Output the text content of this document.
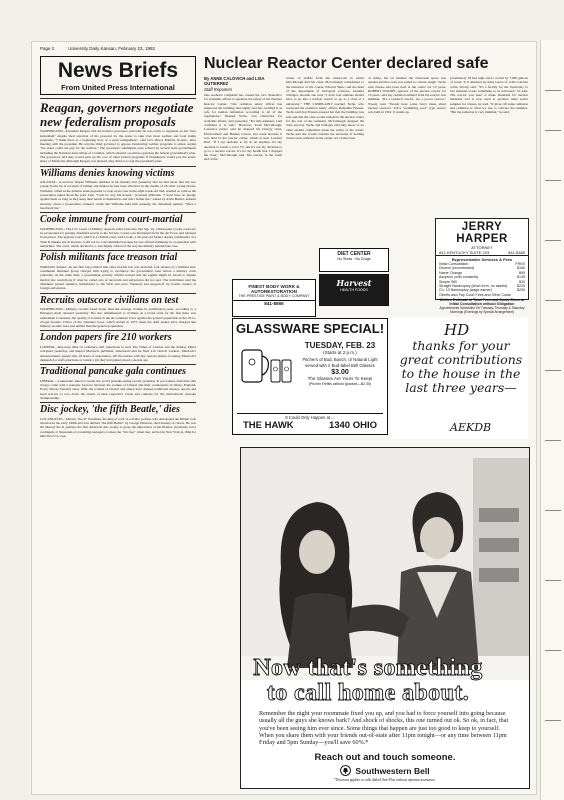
Page 2	University Daily Kansan, February 23, 1982
News Briefs
From United Press International
Reagan, governors negotiate new federalism proposals

WASHINGTON—President Reagan told the nation's governors yesterday he was ready to negotiate on his "new federalism" despite their rejection of his proposal for the states to take over most welfare and food stamp programs. "I think there is a beginning here of a great realignment," said Gov. Bruce Babbitt, D-Ariz., after meeting with the president. He was the chief governor to oppose transferring welfare programs to states, saying "the states could not pay for the welfare." The governors' sentiments were echoed by several state governments including the National Association of Counties, which adopted a position opposing the federal government's plan. The governors said they would pick up the cost of other federal programs if Washington would pay the states' share of Medicaid. Although Reagan was pleased, they did not accept the president's plan.

Williams denies knowing victims

ATLANTA—A nervous Wayne Williams testified at his murder trial yesterday that he had never met the two young blacks he is accused of killing and denied he had been involved in the deaths of 26 other young blacks. Williams, called as the defense team prepared to wrap up its case in the eight-week-old trial, seemed as calm as the prosecution asked about his prior trips. "Can't no way I'm honest," protested Williams. "I don't have no grudge against them as long as they keep their hands to themselves and don't bother me." Asked by Alvin Binder, defense attorney, about a prosecution witness's claim that Williams held him sexually, the defendant replied, "She's a barefaced liar."

Cooke immune from court-martial

WASHINGTON—The U.S. Court of Military Appeals ruled yesterday that Sgt. 1st. Christopher Cooke could not be prosecuted for passing classified secrets to the Soviets. Cooke was discharged from the Air Force and released from prison. The appeals court, which is a civilian court, said Cooke, a 26-year-old former deputy commander of a Titan II missile site in Kansas, could not be court-martialed because he was offered immunity in cooperation with authorities. The court, which decided 2-1, was highly critical of the way the military handled the case.

Polish militants face treason trial

WARSAW, Poland—In the first big political trial since martial law was declared, four leaders of a militant anti-communist dissident group charged with trying to overthrow the government went before a military court yesterday. At the same time, a government security official warned that the regime might be forced to tighten martial law restrictions if what he called acts of terrorism and subversion did not end. The indictment said the dissidents passed sensitive information to the West and were "financed and supported" by hostile centers of foreign subversion.

Recruits outscore civilians on test

WASHINGTON—Military recruits fared better than the average civilian in qualification tests, according to a Pentagon study released yesterday. The test, administered to civilians on a broad scale for the first time, was undertaken to measure the quality of recruits in the all-volunteer force against the general population in the 18-to-23-age bracket. Critics of the volunteer force, which started in 1973 when the draft ended, have charged that military recruits were less skilled than the general population.

London papers fire 210 workers

LONDON—Day-long talks on voluntary staff reductions to save The Times of London and the Sunday Times collapsed yesterday, and Rupert Murdoch, publisher, announced that he fired 210 clerical workers. Murdoch's announcement, issued after 18 hours of negotiation, left the unions with few options beside accepting Murdoch's demands for staff reductions or losing a job they had gained about a decade ago.

Traditional pancake gala continues

LIBERAL—Contestants failed to break the world pancake-eating record yesterday in pre-Lenten festivities that always come with a pancake footrace between the women of Liberal and their counterparts in Olney, England. Every Shrove Tuesday since 1950, the women of Liberal and Olney have donned traditional dresses, aprons and head scarves to race down the streets of their respective towns and compete for the international pancake championship.

Disc jockey, 'the fifth Beatle,' dies

LOS ANGELES—Murray "the K" Kaufman, the king of rock 'n' roll disc jockeys who anticipated the British rock invasion in the early 1960s and was dubbed "the fifth Beatle" by George Harrison, died Sunday of cancer. He was 60. Murray the K, perhaps the first American disc jockey to grasp the importance of the Beatles' popularity, led a contingent of thousands of screaming teenagers to meet the "fab four" when they arrived in New York in 1964 for their first U.S. tour.

Nuclear Reactor Center declared safe
By ANNE CALOVICH and LISA GUTIERREZ
Staff Reporters

One student's complaint has caused the vice chancellor for academic affairs to question the safety of the Nuclear Reactor Center. "Our radiation safety officer has inspected the building thoroughly and has certified it as safe for human habitation according to all of the regulations," Deanell Tacha, vice chancellor for academic affairs, said yesterday. "For this semester, I am confident it is safe." However, Todd McCullough, Lawrence junior, said he dropped his biology class, Environment and Human Cancer, last week because it was held in the reactor center, which is near Learned Hall. "If I say decision to fly in an airplane, it's my decision to watch a color TV, but it's not my decision to go to a nuclear reactor. It's for my health that I dropped the class," McCullough said. The reactor, in the south end of the

center, is visible from the classroom in which McCullough had his class. McCullough complained to the instructor of the course, Edward Shaw, and the head of the department of biological sciences, Gunther Schlager, became she said, "I don't feel students should have to go into a nuclear reactor to go to a class at a university." THE COMPLAINT reached Tacha, who contacted the radiation safety officer, Benjamin Friesen. Tacha said that Friesen assured her that the building was safe and that the class would remain in the nuclear center for the rest of the semester. McCullough dropped the class anyway. Tacha and Schlager said they know of no other student complaints about the safety of the center. Tacha said she would consider the necessity of holding classes next semester in the center, not on the basis

of safety, but on whether the classroom space was needed and the room was suited to courses taught. Tacha said classes had been held at the center for 10 years. ROBERT WOODY, operator of the nuclear reactor for 10 years, said any radiation emitted from the reactor was minimal. "It's a research reactor, not a power reactor," Woody said. "People have some fancy ideas about nuclear reactors." KU's "swimming pool" type reactor was built in 1961. It stands ap-

proximately 18 feet high and is cooled by 7,000 gallons of water. It is shielded by three layers of solid concrete walls, Woody said. "It's a facility for the University to test material works something to be activated," he said. The reactor was used to make materials for nuclear medicine and is now used to produce radio active samples for classes, he said. "It gives off some radiation and radiation is what we use to activate the samples. "But the radiation is very minimal," he said.

FINEST BODY WORK & AUTORESTORATION
THE PRESTIGE PAINT & BODY COMPANY
841-8865
DIET CENTER
No Shots · No Drugs
Harvest
HEALTH FOODS
JERRY HARPER
ATTORNEY
841 KENTUCKY SUITE 203	841-8485
Representative Services & Fees
Initial Consultation	FREE
Divorce (uncontested)	$180
Name Change	$95
Adoption (with consents)	$145
Simple Will	$30
Straight Bankruptcy (short form, no assets)	$225
Ch. 13 Bankruptcy (wage earner)	$250
Clients also Pay Court Fees and Other Costs
Written Estimate of Total Fees and Costs Given at Initial Consultation without Obligation
Appointments Scheduled On Tuesday, Thursday & Saturday Mornings (Evenings by Special Arrangement)
GLASSWARE SPECIAL!
TUESDAY, FEB. 23
(Starts at 2 p.m.)
Pitchers of Bud, Busch, or Natural Light served with 2 Bud-label Bell Glasses
$3.00
The Glasses Are Yours To Keep!
(Pitcher Refills without glasses—$2.00)
It Could Only Happen at ...
THE HAWK	1340 OHIO
HD
thanks for your great contributions to the house in the last three years—
AEKDB
Now that's something to call home about.

Remember the night your roommate fixed you up, and you had to force yourself into going because usually all the guys she knows bark? And shock of shocks, this one turned out ok. So ok, in fact, that you've been seeing him ever since. Some things that happen are just too good to keep to yourself. When you share them with your friends out-of-state after 11pm tonight—or any time between 11pm Friday and 5pm Sunday—you'll save 60%.*

Reach out and touch someone.
Southwestern Bell
*Discount applies to calls dialed One-Plus without operator assistance.
